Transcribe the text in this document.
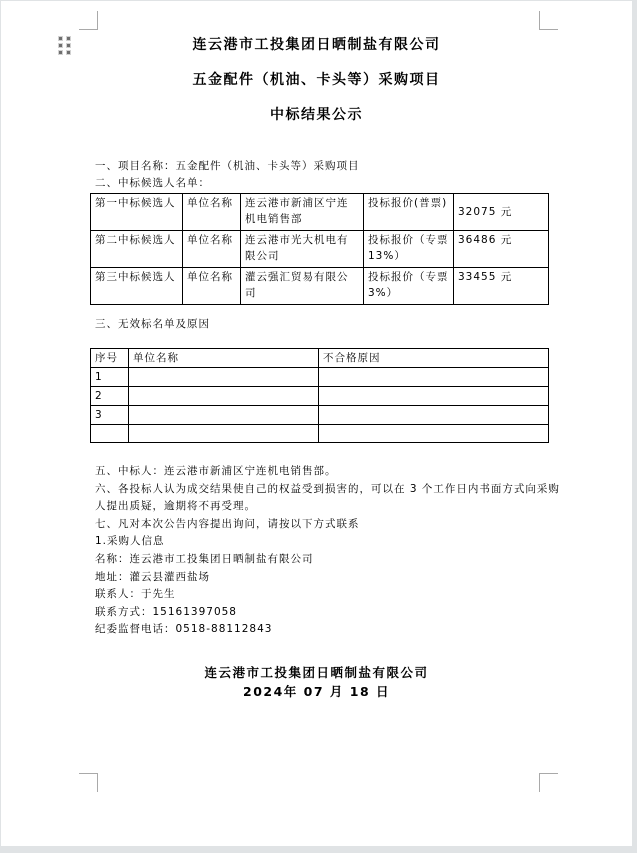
连云港市工投集团日晒制盐有限公司
五金配件（机油、卡头等）采购项目
中标结果公示
一、项目名称：五金配件（机油、卡头等）采购项目
二、中标候选人名单：
第一中标候选人	单位名称	连云港市新浦区宁连机电销售部	投标报价(普票)	32075 元
第二中标候选人	单位名称	连云港市光大机电有限公司	投标报价（专票13%）	36486 元
第三中标候选人	单位名称	灌云强汇贸易有限公司	投标报价（专票3%）	33455 元
三、无效标名单及原因
序号	单位名称	不合格原因
1		
2		
3		

五、中标人：连云港市新浦区宁连机电销售部。
六、各投标人认为成交结果使自己的权益受到损害的，可以在 3 个工作日内书面方式向采购
人提出质疑，逾期将不再受理。
七、凡对本次公告内容提出询问，请按以下方式联系
1.采购人信息
名称：连云港市工投集团日晒制盐有限公司
地址：灌云县灌西盐场
联系人：于先生
联系方式：15161397058
纪委监督电话：0518-88112843
连云港市工投集团日晒制盐有限公司
2024年 07 月 18 日
